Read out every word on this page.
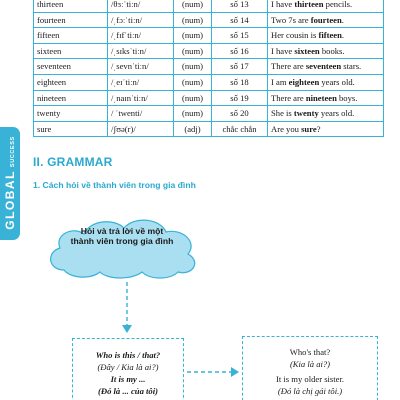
thirteen	/θɜːˈtiːn/	(num)	số 13	I have thirteen pencils.
fourteen	/ˌfɔːˈtiːn/	(num)	số 14	Two 7s are fourteen.
fifteen	/ˌfɪfˈtiːn/	(num)	số 15	Her cousin is fifteen.
sixteen	/ˌsɪksˈtiːn/	(num)	số 16	I have sixteen books.
seventeen	/ˌsevnˈtiːn/	(num)	số 17	There are seventeen stars.
eighteen	/ˌeɪˈtiːn/	(num)	số 18	I am eighteen years old.
nineteen	/ˌnaɪnˈtiːn/	(num)	số 19	There are nineteen boys.
twenty	/ ˈtwenti/	(num)	số 20	She is twenty years old.
sure	/ʃʊə(r)/	(adj)	chắc chắn	Are you sure?
GLOBAL
SUCCESS II. GRAMMAR
1. Cách hỏi về thành viên trong gia đình
Hỏi và trả lời về một
thành viên trong gia đình
Who is this / that?
(Đây / Kia là ai?)
It is my ...
(Đó là ... của tôi)
Who's that?
(Kia là ai?)
It is my older sister.
(Đó là chị gái tôi.)
